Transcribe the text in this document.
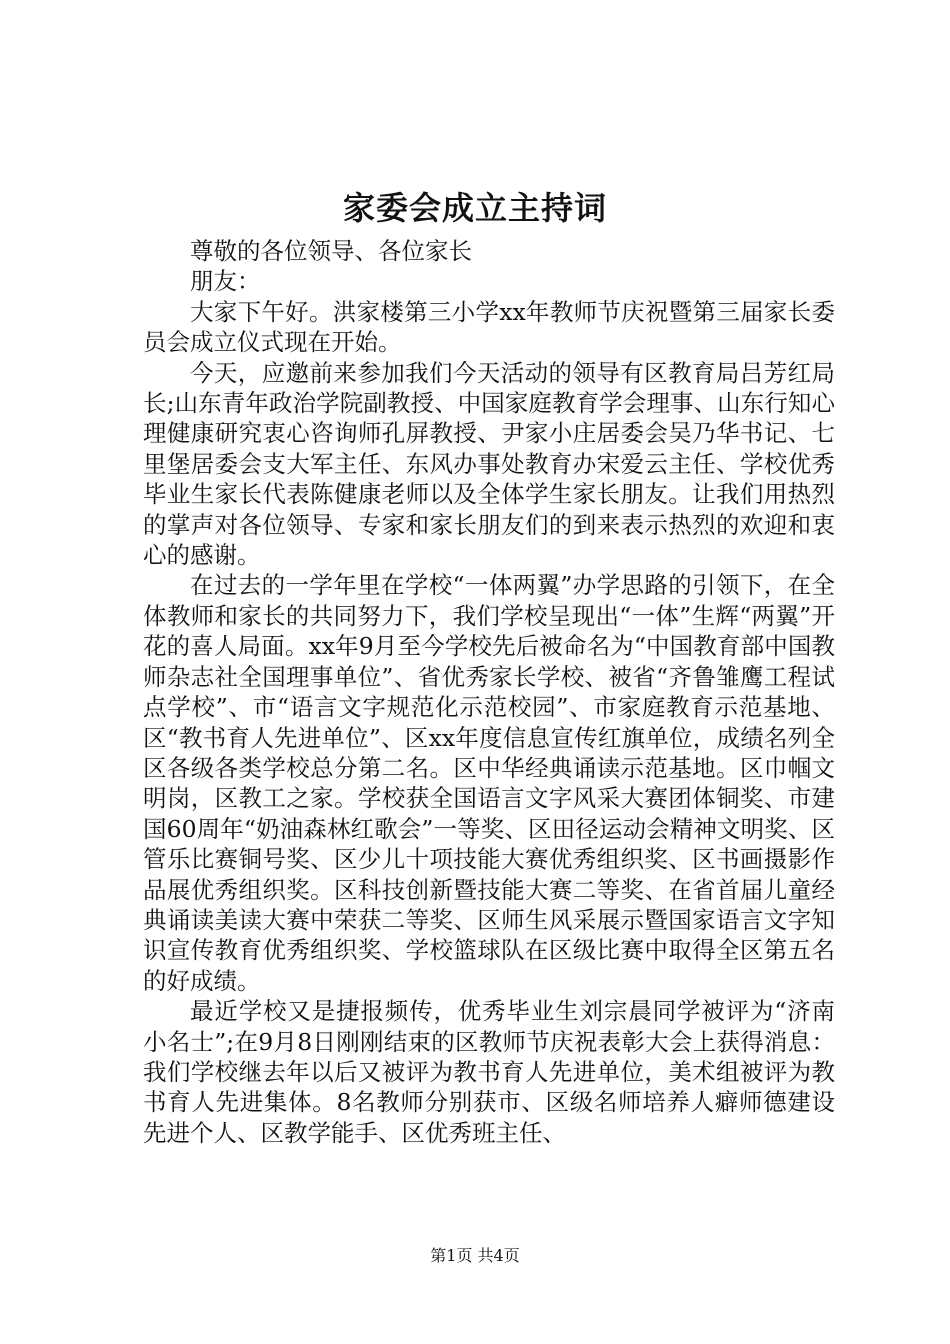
家委会成立主持词

尊敬的各位领导、各位家长

朋友：

大家下午好。洪家楼第三小学xx年教师节庆祝暨第三届家长委员会成立仪式现在开始。

今天，应邀前来参加我们今天活动的领导有区教育局吕芳红局长;山东青年政治学院副教授、中国家庭教育学会理事、山东行知心理健康研究衷心咨询师孔屏教授、尹家小庄居委会吴乃华书记、七里堡居委会支大军主任、东风办事处教育办宋爱云主任、学校优秀毕业生家长代表陈健康老师以及全体学生家长朋友。让我们用热烈的掌声对各位领导、专家和家长朋友们的到来表示热烈的欢迎和衷心的感谢。

在过去的一学年里在学校“一体两翼”办学思路的引领下，在全体教师和家长的共同努力下，我们学校呈现出“一体”生辉“两翼”开花的喜人局面。xx年9月至今学校先后被命名为“中国教育部中国教师杂志社全国理事单位”、省优秀家长学校、被省“齐鲁雏鹰工程试点学校”、市“语言文字规范化示范校园”、市家庭教育示范基地、区“教书育人先进单位”、区xx年度信息宣传红旗单位，成绩名列全区各级各类学校总分第二名。区中华经典诵读示范基地。区巾帼文明岗，区教工之家。学校获全国语言文字风采大赛团体铜奖、市建国60周年“奶油森林红歌会”一等奖、区田径运动会精神文明奖、区管乐比赛铜号奖、区少儿十项技能大赛优秀组织奖、区书画摄影作品展优秀组织奖。区科技创新暨技能大赛二等奖、在省首届儿童经典诵读美读大赛中荣获二等奖、区师生风采展示暨国家语言文字知识宣传教育优秀组织奖、学校篮球队在区级比赛中取得全区第五名的好成绩。

最近学校又是捷报频传，优秀毕业生刘宗晨同学被评为“济南小名士”;在9月8日刚刚结束的区教师节庆祝表彰大会上获得消息：我们学校继去年以后又被评为教书育人先进单位，美术组被评为教书育人先进集体。8名教师分别获市、区级名师培养人癖师德建设先进个人、区教学能手、区优秀班主任、

第1页 共4页
